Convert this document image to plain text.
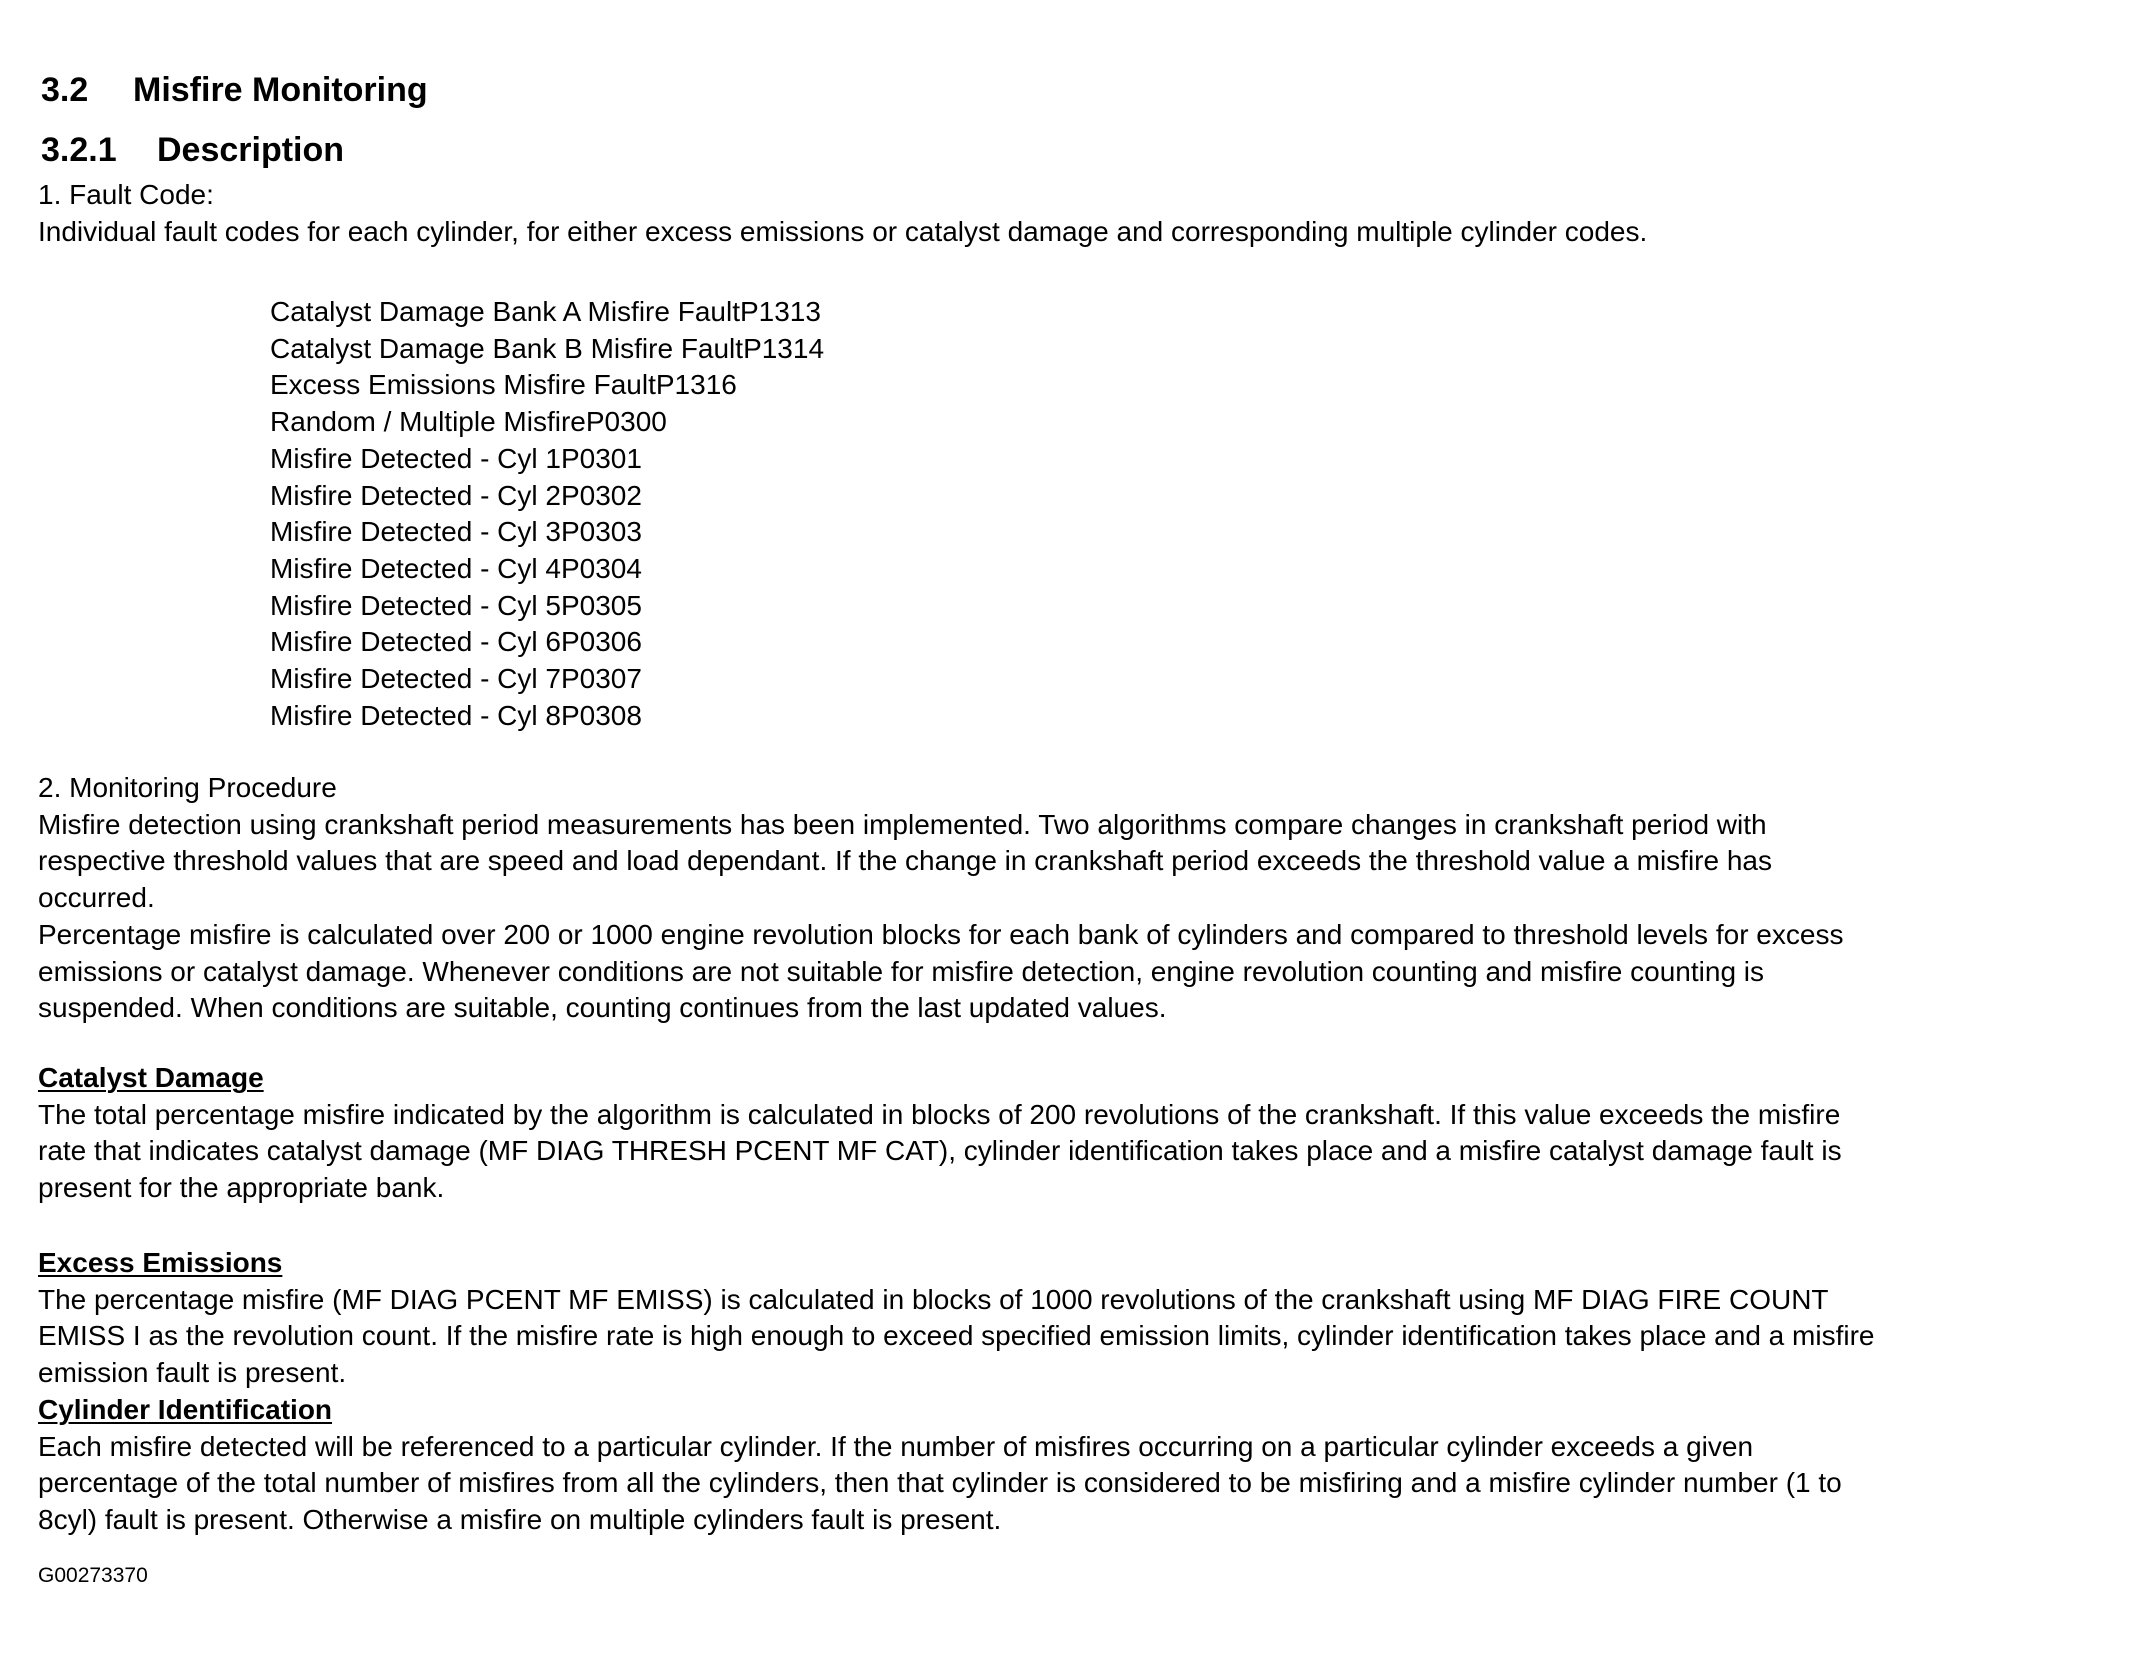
3.2 Misfire Monitoring
3.2.1 Description
1. Fault Code:
Individual fault codes for each cylinder, for either excess emissions or catalyst damage and corresponding multiple cylinder codes.
Catalyst Damage Bank A Misfire FaultP1313
Catalyst Damage Bank B Misfire FaultP1314
Excess Emissions Misfire FaultP1316
Random / Multiple MisfireP0300
Misfire Detected - Cyl 1P0301
Misfire Detected - Cyl 2P0302
Misfire Detected - Cyl 3P0303
Misfire Detected - Cyl 4P0304
Misfire Detected - Cyl 5P0305
Misfire Detected - Cyl 6P0306
Misfire Detected - Cyl 7P0307
Misfire Detected - Cyl 8P0308
2. Monitoring Procedure
Misfire detection using crankshaft period measurements has been implemented. Two algorithms compare changes in crankshaft period with
respective threshold values that are speed and load dependant. If the change in crankshaft period exceeds the threshold value a misfire has
occurred.
Percentage misfire is calculated over 200 or 1000 engine revolution blocks for each bank of cylinders and compared to threshold levels for excess
emissions or catalyst damage. Whenever conditions are not suitable for misfire detection, engine revolution counting and misfire counting is
suspended. When conditions are suitable, counting continues from the last updated values.
Catalyst Damage
The total percentage misfire indicated by the algorithm is calculated in blocks of 200 revolutions of the crankshaft. If this value exceeds the misfire
rate that indicates catalyst damage (MF DIAG THRESH PCENT MF CAT), cylinder identification takes place and a misfire catalyst damage fault is
present for the appropriate bank.
Excess Emissions
The percentage misfire (MF DIAG PCENT MF EMISS) is calculated in blocks of 1000 revolutions of the crankshaft using MF DIAG FIRE COUNT
EMISS I as the revolution count. If the misfire rate is high enough to exceed specified emission limits, cylinder identification takes place and a misfire
emission fault is present.
Cylinder Identification
Each misfire detected will be referenced to a particular cylinder. If the number of misfires occurring on a particular cylinder exceeds a given
percentage of the total number of misfires from all the cylinders, then that cylinder is considered to be misfiring and a misfire cylinder number (1 to
8cyl) fault is present. Otherwise a misfire on multiple cylinders fault is present.
G00273370
